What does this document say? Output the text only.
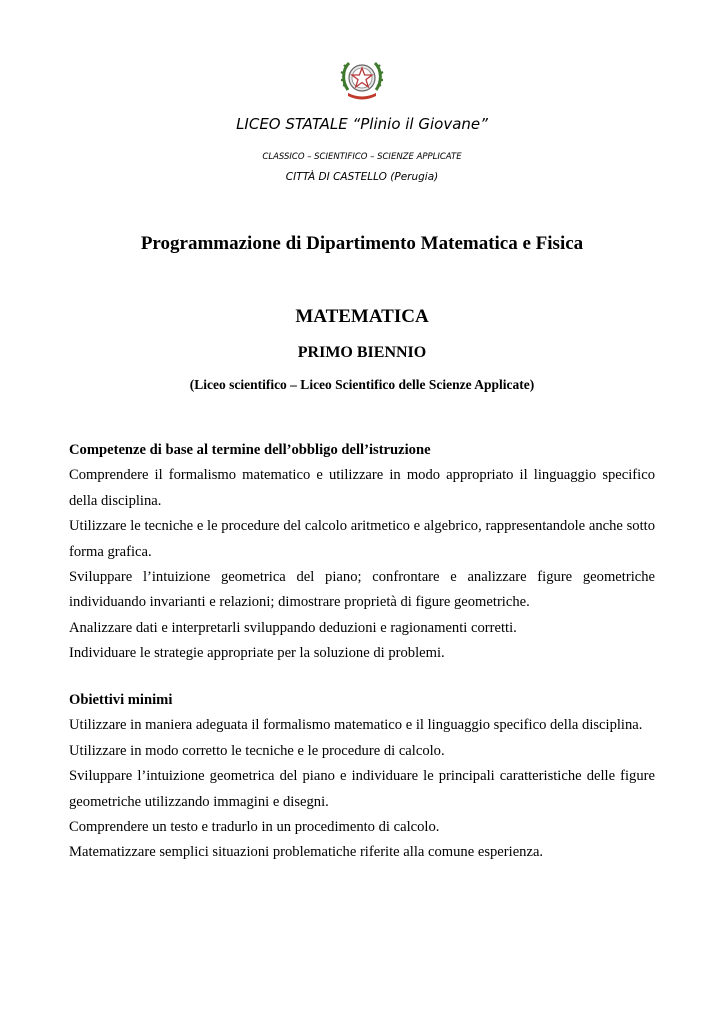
LICEO STATALE “Plinio il Giovane”
CLASSICO – SCIENTIFICO – SCIENZE APPLICATE
CITTÀ DI CASTELLO (Perugia)
Programmazione di Dipartimento Matematica e Fisica
MATEMATICA
PRIMO BIENNIO
(Liceo scientifico – Liceo Scientifico delle Scienze Applicate)

Competenze di base al termine dell’obbligo dell’istruzione

Comprendere il formalismo matematico e utilizzare in modo appropriato il linguaggio specifico della disciplina.

Utilizzare le tecniche e le procedure del calcolo aritmetico e algebrico, rappresentandole anche sotto forma grafica.

Sviluppare l’intuizione geometrica del piano; confrontare e analizzare figure geometriche individuando invarianti e relazioni; dimostrare proprietà di figure geometriche.

Analizzare dati e interpretarli sviluppando deduzioni e ragionamenti corretti.

Individuare le strategie appropriate per la soluzione di problemi.

Obiettivi minimi

Utilizzare in maniera adeguata il formalismo matematico e il linguaggio specifico della disciplina.

Utilizzare in modo corretto le tecniche e le procedure di calcolo.

Sviluppare l’intuizione geometrica del piano e individuare le principali caratteristiche delle figure geometriche utilizzando immagini e disegni.

Comprendere un testo e tradurlo in un procedimento di calcolo.

Matematizzare semplici situazioni problematiche riferite alla comune esperienza.
